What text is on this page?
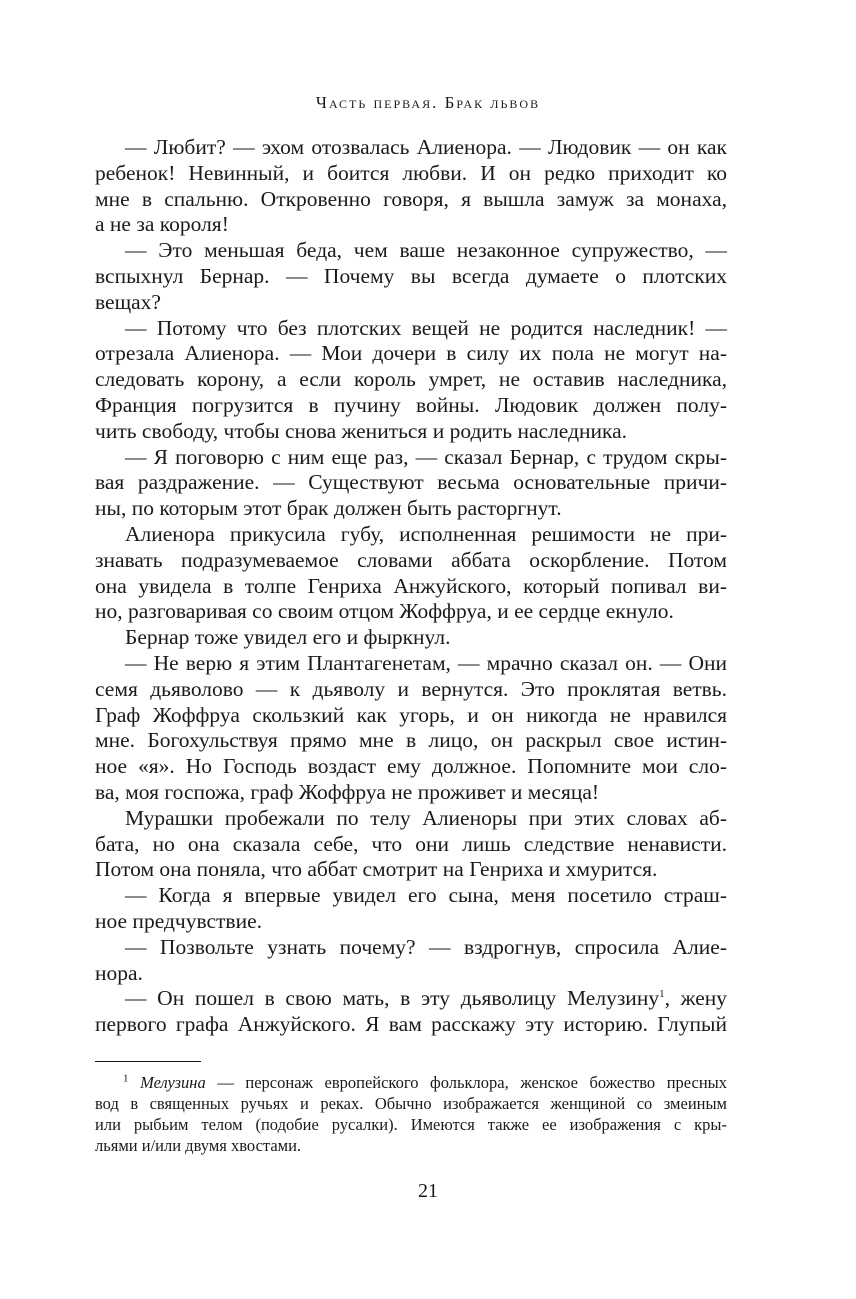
Часть первая. Брак львов
— Любит? — эхом отозвалась Алиенора. — Людовик — он как
ребенок! Невинный, и боится любви. И он редко приходит ко
мне в спальню. Откровенно говоря, я вышла замуж за монаха,
а не за короля!
— Это меньшая беда, чем ваше незаконное супружество, —
вспыхнул Бернар. — Почему вы всегда думаете о плотских
вещах?
— Потому что без плотских вещей не родится наследник! —
отрезала Алиенора. — Мои дочери в силу их пола не могут на-
следовать корону, а если король умрет, не оставив наследника,
Франция погрузится в пучину войны. Людовик должен полу-
чить свободу, чтобы снова жениться и родить наследника.
— Я поговорю с ним еще раз, — сказал Бернар, с трудом скры-
вая раздражение. — Существуют весьма основательные причи-
ны, по которым этот брак должен быть расторгнут.
Алиенора прикусила губу, исполненная решимости не при-
знавать подразумеваемое словами аббата оскорбление. Потом
она увидела в толпе Генриха Анжуйского, который попивал ви-
но, разговаривая со своим отцом Жоффруа, и ее сердце екнуло.
Бернар тоже увидел его и фыркнул.
— Не верю я этим Плантагенетам, — мрачно сказал он. — Они
семя дьяволово — к дьяволу и вернутся. Это проклятая ветвь.
Граф Жоффруа скользкий как угорь, и он никогда не нравился
мне. Богохульствуя прямо мне в лицо, он раскрыл свое истин-
ное «я». Но Господь воздаст ему должное. Попомните мои сло-
ва, моя госпожа, граф Жоффруа не проживет и месяца!
Мурашки пробежали по телу Алиеноры при этих словах аб-
бата, но она сказала себе, что они лишь следствие ненависти.
Потом она поняла, что аббат смотрит на Генриха и хмурится.
— Когда я впервые увидел его сына, меня посетило страш-
ное предчувствие.
— Позвольте узнать почему? — вздрогнув, спросила Алие-
нора.
— Он пошел в свою мать, в эту дьяволицу Мелузину$^1$, жену
первого графа Анжуйского. Я вам расскажу эту историю. Глупый
$^1$ Мелузина — персонаж европейского фольклора, женское божество пресных
вод в священных ручьях и реках. Обычно изображается женщиной со змеиным
или рыбьим телом (подобие русалки). Имеются также ее изображения с кры-
льями и/или двумя хвостами.
21
